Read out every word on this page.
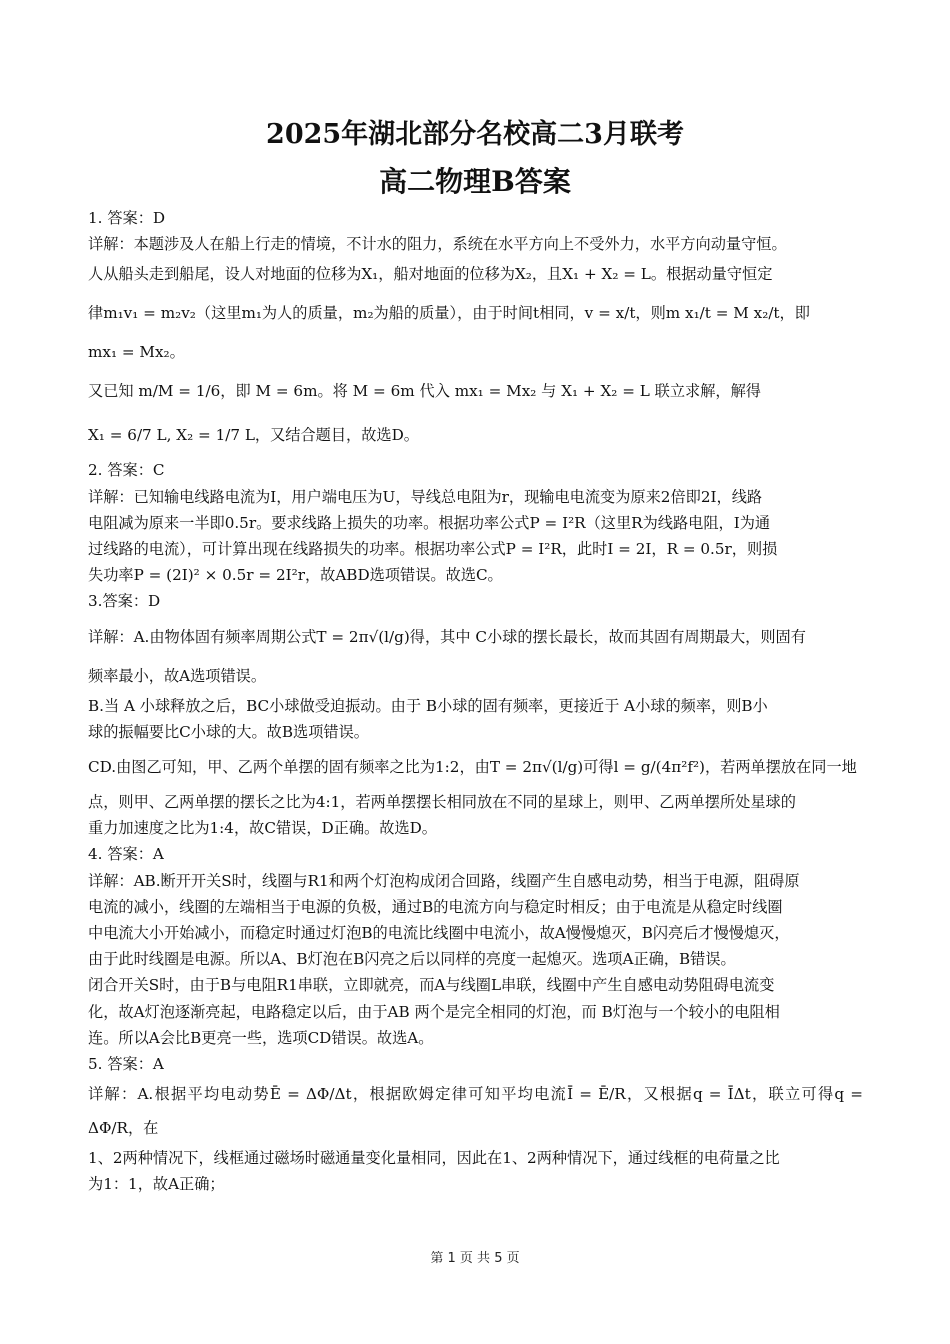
2025年湖北部分名校高二3月联考
高二物理B答案

1. 答案：D

详解：本题涉及人在船上行走的情境，不计水的阻力，系统在水平方向上不受外力，水平方向动量守恒。

人从船头走到船尾，设人对地面的位移为X₁，船对地面的位移为X₂，且X₁ + X₂ = L。根据动量守恒定

律m₁v₁ = m₂v₂（这里m₁为人的质量，m₂为船的质量），由于时间t相同，v = x/t，则m x₁/t = M x₂/t，即

mx₁ = Mx₂。

又已知 m/M = 1/6，即 M = 6m。将 M = 6m 代入 mx₁ = Mx₂ 与 X₁ + X₂ = L 联立求解，解得

X₁ = 6/7 L, X₂ = 1/7 L，又结合题目，故选D。

2. 答案：C

详解：已知输电线路电流为I，用户端电压为U，导线总电阻为r，现输电电流变为原来2倍即2I，线路

电阻减为原来一半即0.5r。要求线路上损失的功率。根据功率公式P = I²R（这里R为线路电阻，I为通

过线路的电流），可计算出现在线路损失的功率。根据功率公式P = I²R，此时I = 2I，R = 0.5r，则损

失功率P = (2I)² × 0.5r = 2I²r，故ABD选项错误。故选C。

3.答案：D

详解：A.由物体固有频率周期公式T = 2π√(l/g)得，其中 C小球的摆长最长，故而其固有周期最大，则固有

频率最小，故A选项错误。

B.当 A 小球释放之后，BC小球做受迫振动。由于 B小球的固有频率，更接近于 A小球的频率，则B小

球的振幅要比C小球的大。故B选项错误。

CD.由图乙可知，甲、乙两个单摆的固有频率之比为1:2，由T = 2π√(l/g)可得l = g/(4π²f²)，若两单摆放在同一地

点，则甲、乙两单摆的摆长之比为4:1，若两单摆摆长相同放在不同的星球上，则甲、乙两单摆所处星球的

重力加速度之比为1:4，故C错误，D正确。故选D。

4. 答案：A

详解：AB.断开开关S时，线圈与R1和两个灯泡构成闭合回路，线圈产生自感电动势，相当于电源，阻碍原

电流的减小，线圈的左端相当于电源的负极，通过B的电流方向与稳定时相反；由于电流是从稳定时线圈

中电流大小开始减小，而稳定时通过灯泡B的电流比线圈中电流小，故A慢慢熄灭，B闪亮后才慢慢熄灭，

由于此时线圈是电源。所以A、B灯泡在B闪亮之后以同样的亮度一起熄灭。选项A正确，B错误。

闭合开关S时，由于B与电阻R1串联，立即就亮，而A与线圈L串联，线圈中产生自感电动势阻碍电流变

化，故A灯泡逐渐亮起，电路稳定以后，由于AB 两个是完全相同的灯泡，而 B灯泡与一个较小的电阻相

连。所以A会比B更亮一些，选项CD错误。故选A。

5. 答案：A

详解：A.根据平均电动势Ē = ΔΦ/Δt，根据欧姆定律可知平均电流Ī = Ē/R，又根据q = ĪΔt，联立可得q = ΔΦ/R，在

1、2两种情况下，线框通过磁场时磁通量变化量相同，因此在1、2两种情况下，通过线框的电荷量之比

为1：1，故A正确；

第 1 页 共 5 页
